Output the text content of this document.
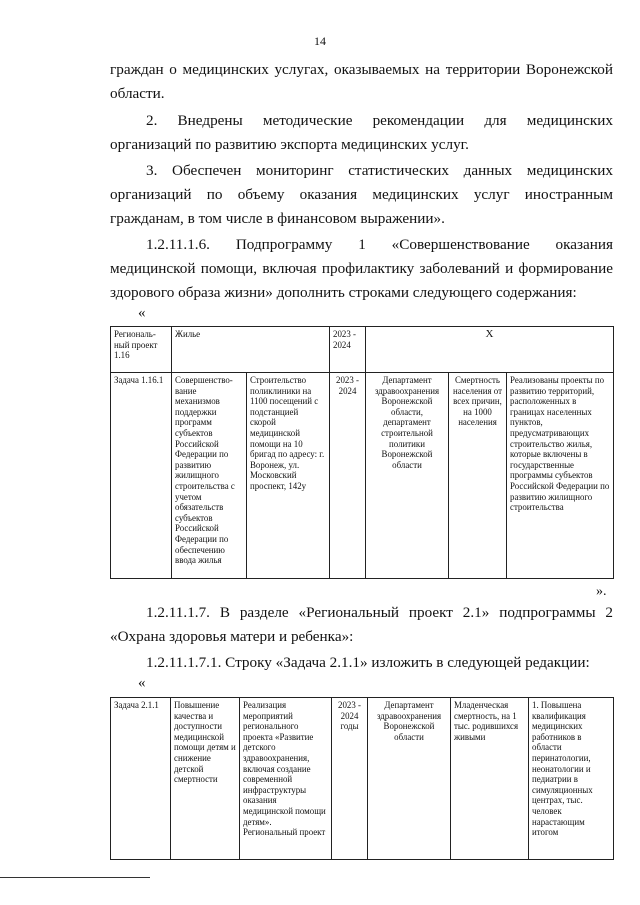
14

граждан о медицинских услугах, оказываемых на территории Воронежской

области.

2. Внедрены методические рекомендации для медицинских

организаций по развитию экспорта медицинских услуг.

3. Обеспечен мониторинг статистических данных медицинских

организаций по объему оказания медицинских услуг иностранным

гражданам, в том числе в финансовом выражении».

1.2.11.1.6. Подпрограмму 1 «Совершенствование оказания

медицинской помощи, включая профилактику заболеваний и формирование

здорового образа жизни» дополнить строками следующего содержания:

«
Региональ-ный проект 1.16	Жилье		2023 - 2024	Х		
Задача 1.16.1	Совершенство-вание механизмов поддержки программ субъектов Российской Федерации по развитию жилищного строительства с учетом обязательств субъектов Российской Федерации по обеспечению ввода жилья	Строительство поликлиники на 1100 посещений с подстанцией скорой медицинской помощи на 10 бригад по адресу: г. Воронеж, ул. Московский проспект, 142у	2023 - 2024	Департамент здравоохранения Воронежской области, департамент строительной политики Воронежской области	Смертность населения от всех причин, на 1000 населения	Реализованы проекты по развитию территорий, расположенных в границах населенных пунктов, предусматривающих строительство жилья, которые включены в государственные программы субъектов Российской Федерации по развитию жилищного строительства
».

1.2.11.1.7. В разделе «Региональный проект 2.1» подпрограммы 2

«Охрана здоровья матери и ребенка»:

1.2.11.1.7.1. Строку «Задача 2.1.1» изложить в следующей редакции:

«
Задача 2.1.1	Повышение качества и доступности медицинской помощи детям и снижение детской смертности	Реализация мероприятий регионального проекта «Развитие детского здравоохранения, включая создание современной инфраструктуры оказания медицинской помощи детям». Региональный проект	2023 - 2024 годы	Департамент здравоохранения Воронежской области	Младенческая смертность, на 1 тыс. родившихся живыми	1. Повышена квалификация медицинских работников в области перинатологии, неонатологии и педиатрии в симуляционных центрах, тыс. человек нарастающим итогом
